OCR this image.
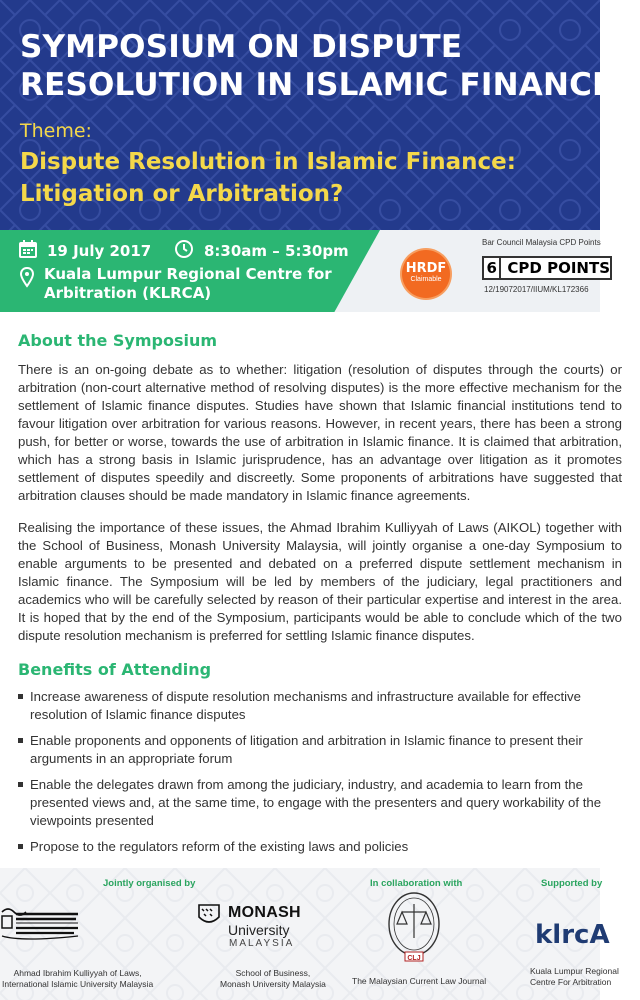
SYMPOSIUM ON DISPUTE
RESOLUTION IN ISLAMIC FINANCE

Theme:

Dispute Resolution in Islamic Finance:
Litigation or Arbitration?

19 July 2017	8:30am – 5:30pm
Kuala Lumpur Regional Centre for
Arbitration (KLRCA)
HRDF
Claimable
Bar Council Malaysia CPD Points
6 CPD POINTS
12/19072017/IIUM/KL172366
About the Symposium

There is an on-going debate as to whether: litigation (resolution of disputes through the courts) or arbitration (non-court alternative method of resolving disputes) is the more effective mechanism for the settlement of Islamic finance disputes. Studies have shown that Islamic financial institutions tend to favour litigation over arbitration for various reasons. However, in recent years, there has been a strong push, for better or worse, towards the use of arbitration in Islamic finance. It is claimed that arbitration, which has a strong basis in Islamic jurisprudence, has an advantage over litigation as it promotes settlement of disputes speedily and discreetly. Some proponents of arbitrations have suggested that arbitration clauses should be made mandatory in Islamic finance agreements.

Realising the importance of these issues, the Ahmad Ibrahim Kulliyyah of Laws (AIKOL) together with the School of Business, Monash University Malaysia, will jointly organise a one-day Symposium to enable arguments to be presented and debated on a preferred dispute settlement mechanism in Islamic finance. The Symposium will be led by members of the judiciary, legal practitioners and academics who will be carefully selected by reason of their particular expertise and interest in the area. It is hoped that by the end of the Symposium, participants would be able to conclude which of the two dispute resolution mechanism is preferred for settling Islamic finance disputes.

Benefits of Attending
Increase awareness of dispute resolution mechanisms and infrastructure available for effective resolution of Islamic finance disputes
Enable proponents and opponents of litigation and arbitration in Islamic finance to present their arguments in an appropriate forum
Enable the delegates drawn from among the judiciary, industry, and academia to learn from the presented views and, at the same time, to engage with the presenters and query workability of the viewpoints presented
Propose to the regulators reform of the existing laws and policies
Jointly organised by	In collaboration with	Supported by
Ahmad Ibrahim Kulliyyah of Laws,
International Islamic University Malaysia
MONASH
University
MALAYSIA
School of Business,
Monash University Malaysia
CLJ
The Malaysian Current Law Journal
klrcA
Kuala Lumpur Regional
Centre For Arbitration
